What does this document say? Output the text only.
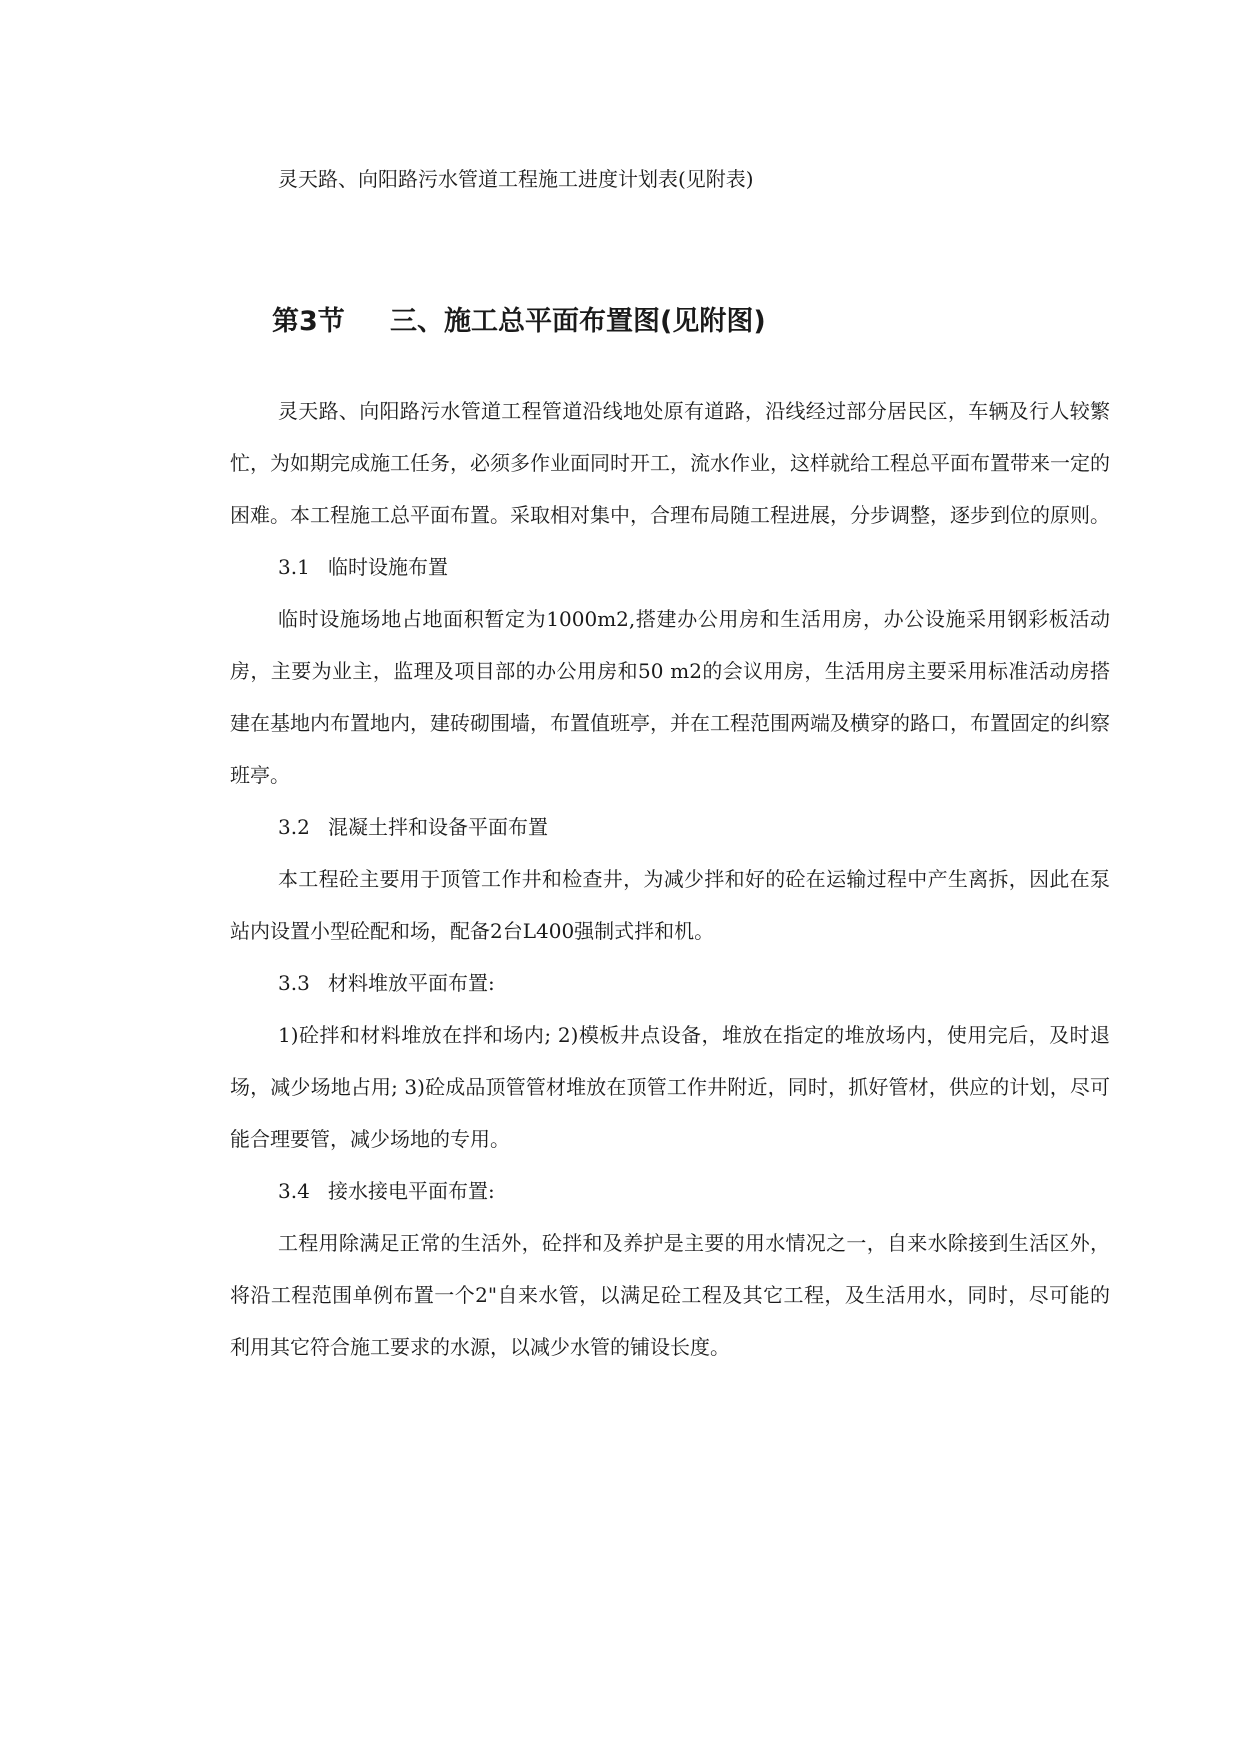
灵天路、向阳路污水管道工程施工进度计划表(见附表)

第3节 三、施工总平面布置图(见附图)

灵天路、向阳路污水管道工程管道沿线地处原有道路，沿线经过部分居民区，车辆及行人较繁忙，为如期完成施工任务，必须多作业面同时开工，流水作业，这样就给工程总平面布置带来一定的困难。本工程施工总平面布置。采取相对集中，合理布局随工程进展，分步调整，逐步到位的原则。

3.1 临时设施布置

临时设施场地占地面积暂定为1000m2,搭建办公用房和生活用房，办公设施采用钢彩板活动房，主要为业主，监理及项目部的办公用房和50 m2的会议用房，生活用房主要采用标准活动房搭建在基地内布置地内，建砖砌围墙，布置值班亭，并在工程范围两端及横穿的路口，布置固定的纠察班亭。

3.2 混凝土拌和设备平面布置

本工程砼主要用于顶管工作井和检查井，为减少拌和好的砼在运输过程中产生离拆，因此在泵站内设置小型砼配和场，配备2台L400强制式拌和机。

3.3 材料堆放平面布置:

1)砼拌和材料堆放在拌和场内; 2)模板井点设备，堆放在指定的堆放场内，使用完后，及时退场，减少场地占用; 3)砼成品顶管管材堆放在顶管工作井附近，同时，抓好管材，供应的计划，尽可能合理要管，减少场地的专用。

3.4 接水接电平面布置:

工程用除满足正常的生活外，砼拌和及养护是主要的用水情况之一，自来水除接到生活区外，将沿工程范围单例布置一个2"自来水管，以满足砼工程及其它工程，及生活用水，同时，尽可能的利用其它符合施工要求的水源，以减少水管的铺设长度。
